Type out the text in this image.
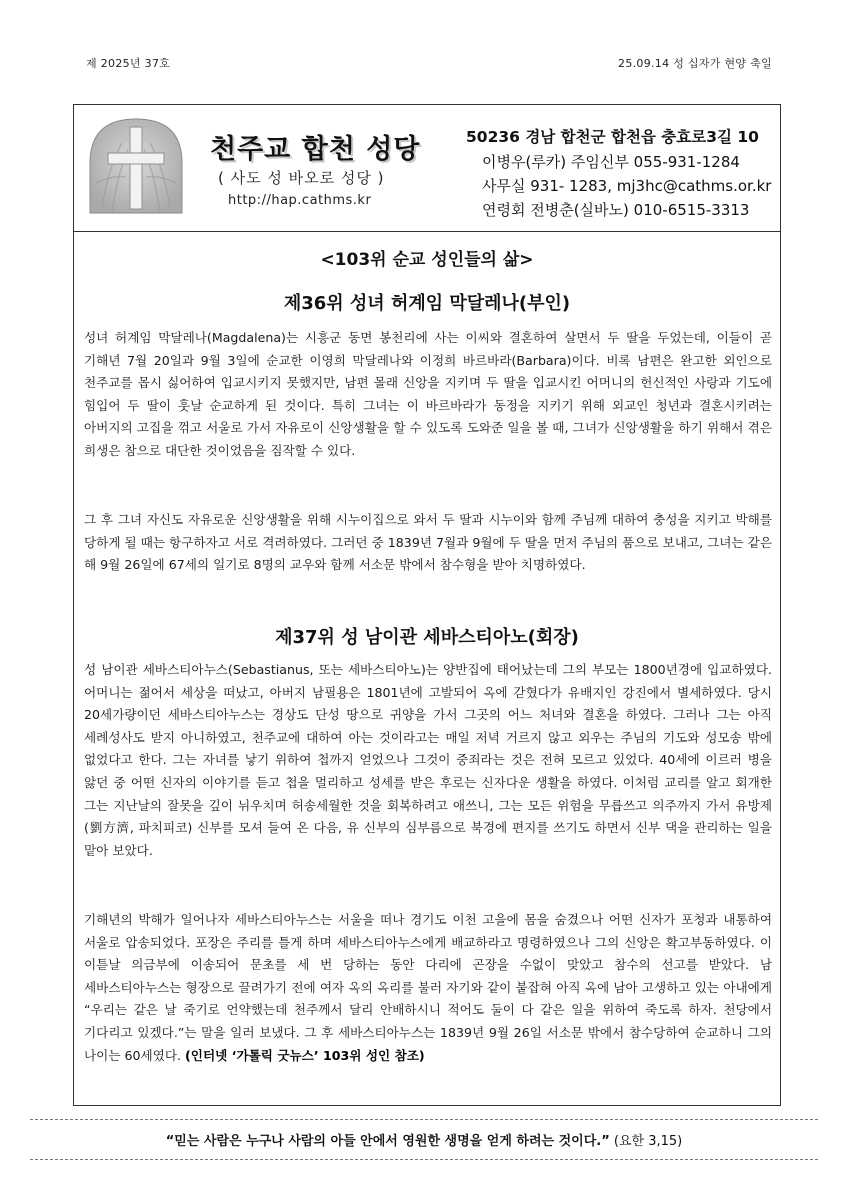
제 2025년 37호	25.09.14 성 십자가 현양 축일
천주교 합천 성당
( 사도 성 바오로 성당 )
http://hap.cathms.kr
50236 경남 합천군 합천읍 충효로3길 10
이병우(루카) 주임신부 055-931-1284
사무실 931- 1283, mj3hc@cathms.or.kr
연령회 전병춘(실바노) 010-6515-3313
<103위 순교 성인들의 삶>
제36위 성녀 허계임 막달레나(부인)
성녀 허계임 막달레나(Magdalena)는 시흥군 동면 봉천리에 사는 이씨와 결혼하여 살면서 두 딸을 두었는데, 이들이 곧 기해년 7월 20일과 9월 3일에 순교한 이영희 막달레나와 이정희 바르바라(Barbara)이다. 비록 남편은 완고한 외인으로 천주교를 몹시 싫어하여 입교시키지 못했지만, 남편 몰래 신앙을 지키며 두 딸을 입교시킨 어머니의 헌신적인 사랑과 기도에 힘입어 두 딸이 훗날 순교하게 된 것이다. 특히 그녀는 이 바르바라가 동정을 지키기 위해 외교인 청년과 결혼시키려는 아버지의 고집을 꺾고 서울로 가서 자유로이 신앙생활을 할 수 있도록 도와준 일을 볼 때, 그녀가 신앙생활을 하기 위해서 겪은 희생은 참으로 대단한 것이었음을 짐작할 수 있다.
그 후 그녀 자신도 자유로운 신앙생활을 위해 시누이집으로 와서 두 딸과 시누이와 함께 주님께 대하여 충성을 지키고 박해를 당하게 될 때는 항구하자고 서로 격려하였다. 그러던 중 1839년 7월과 9월에 두 딸을 먼저 주님의 품으로 보내고, 그녀는 같은 해 9월 26일에 67세의 일기로 8명의 교우와 함께 서소문 밖에서 참수형을 받아 치명하였다.
제37위 성 남이관 세바스티아노(회장)
성 남이관 세바스티아누스(Sebastianus, 또는 세바스티아노)는 양반집에 태어났는데 그의 부모는 1800년경에 입교하였다. 어머니는 젊어서 세상을 떠났고, 아버지 남필용은 1801년에 고발되어 옥에 갇혔다가 유배지인 강진에서 별세하였다. 당시 20세가량이던 세바스티아누스는 경상도 단성 땅으로 귀양을 가서 그곳의 어느 처녀와 결혼을 하였다. 그러나 그는 아직 세례성사도 받지 아니하였고, 천주교에 대하여 아는 것이라고는 매일 저녁 거르지 않고 외우는 주님의 기도와 성모송 밖에 없었다고 한다. 그는 자녀를 낳기 위하여 첩까지 얻었으나 그것이 중죄라는 것은 전혀 모르고 있었다. 40세에 이르러 병을 앓던 중 어떤 신자의 이야기를 듣고 첩을 멀리하고 성세를 받은 후로는 신자다운 생활을 하였다. 이처럼 교리를 알고 회개한 그는 지난날의 잘못을 깊이 뉘우치며 허송세월한 것을 회복하려고 애쓰니, 그는 모든 위험을 무릅쓰고 의주까지 가서 유방제(劉方濟, 파치피코) 신부를 모셔 들여 온 다음, 유 신부의 심부름으로 북경에 편지를 쓰기도 하면서 신부 댁을 관리하는 일을 맡아 보았다.
기해년의 박해가 일어나자 세바스티아누스는 서울을 떠나 경기도 이천 고을에 몸을 숨겼으나 어떤 신자가 포청과 내통하여 서울로 압송되었다. 포장은 주리를 틀게 하며 세바스티아누스에게 배교하라고 명령하였으나 그의 신앙은 확고부동하였다. 이 이튿날 의금부에 이송되어 문초를 세 번 당하는 동안 다리에 곤장을 수없이 맞았고 참수의 선고를 받았다. 남 세바스티아누스는 형장으로 끌려가기 전에 여자 옥의 옥리를 불러 자기와 같이 붙잡혀 아직 옥에 남아 고생하고 있는 아내에게 “우리는 같은 날 죽기로 언약했는데 천주께서 달리 안배하시니 적어도 둘이 다 같은 일을 위하여 죽도록 하자. 천당에서 기다리고 있겠다.”는 말을 일러 보냈다. 그 후 세바스티아누스는 1839년 9월 26일 서소문 밖에서 참수당하여 순교하니 그의 나이는 60세였다. (인터넷 ‘가톨릭 굿뉴스’ 103위 성인 참조)
“믿는 사람은 누구나 사람의 아들 안에서 영원한 생명을 얻게 하려는 것이다.” (요한 3,15)
